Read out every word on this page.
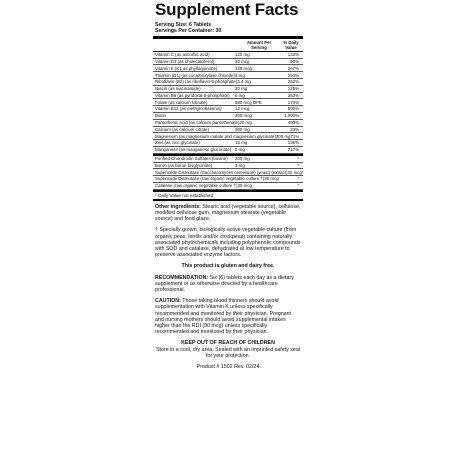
Supplement Facts
Serving Size: 6 Tablets
Servings Per Container: 30
Amount Per Serving
% Daily Value
Vitamin C (as ascorbic acid)	120 mg	133%
Vitamin D3 (as cholecalciferol)	10 mcg	50%
Vitamin K (K1 as phylloquinone)	320 mcg	267%
Thiamin (B1) (as cocarboxylase chloride) 3 mg	250%
Riboflavin (B2) (as riboflavin-5-phosphate) 3.4 mg	262%
Niacin (as niacinamide)	20 mg	125%
Vitamin B6 (as pyridoxal-5-phosphate)	6 mg	353%
Folate (as calcium folinate)	680 mcg DFE	170%
Vitamin B12 (as methylcobalamin)	12 mcg	500%
Biotin	300 mcg	1,000%
Pantothenic Acid (as calcium pantothenate) 20 mg	400%
Calcium (as calcium citrate)	300 mg	23%
Magnesium (as magnesium malate and magnesium glycinate) 300 mg 71%
Zinc (as zinc glycinate)	15 mg	136%
Manganese (as manganese gluconate) 5 mg	217%
Purified Chondroitin Sulfates (bovine)	200 mg	*
Boron (as boron bisglycinate)	3 mg	*
Superoxide Dismutase (Saccharomyces cerevisiae) (yeast) (extract) 30 mcg *
Superoxide Dismutase (raw organic vegetable culture †) 30 mcg	*
Catalase (raw organic vegetable culture †) 30 mcg	*
* Daily Value not established

Other ingredients: Stearic acid (vegetable source), cellulose, modified cellulose gum, magnesium stearate (vegetable source) and food glaze.

† Specially grown, biologically active vegetable culture (from organic peas, lentils and/or chickpeas) containing naturally associated phytochemicals including polyphenolic compounds with SOD and catalase, dehydrated at low temperature to preserve associated enzyme factors.

This product is gluten and dairy free.

RECOMMENDATION: Six (6) tablets each day as a dietary supplement or as otherwise directed by a healthcare professional.

CAUTION: Those taking blood thinners should avoid supplementation with Vitamin K unless specifically recommended and monitored by their physician. Pregnant and nursing mothers should avoid supplemental intakes higher than the RDI (90 mcg) unless specifically recommended and monitored by their physician.

KEEP OUT OF REACH OF CHILDREN

Store in a cool, dry area. Sealed with an imprinted safety seal for your protection.

Product # 1502 Rev. 02/24
